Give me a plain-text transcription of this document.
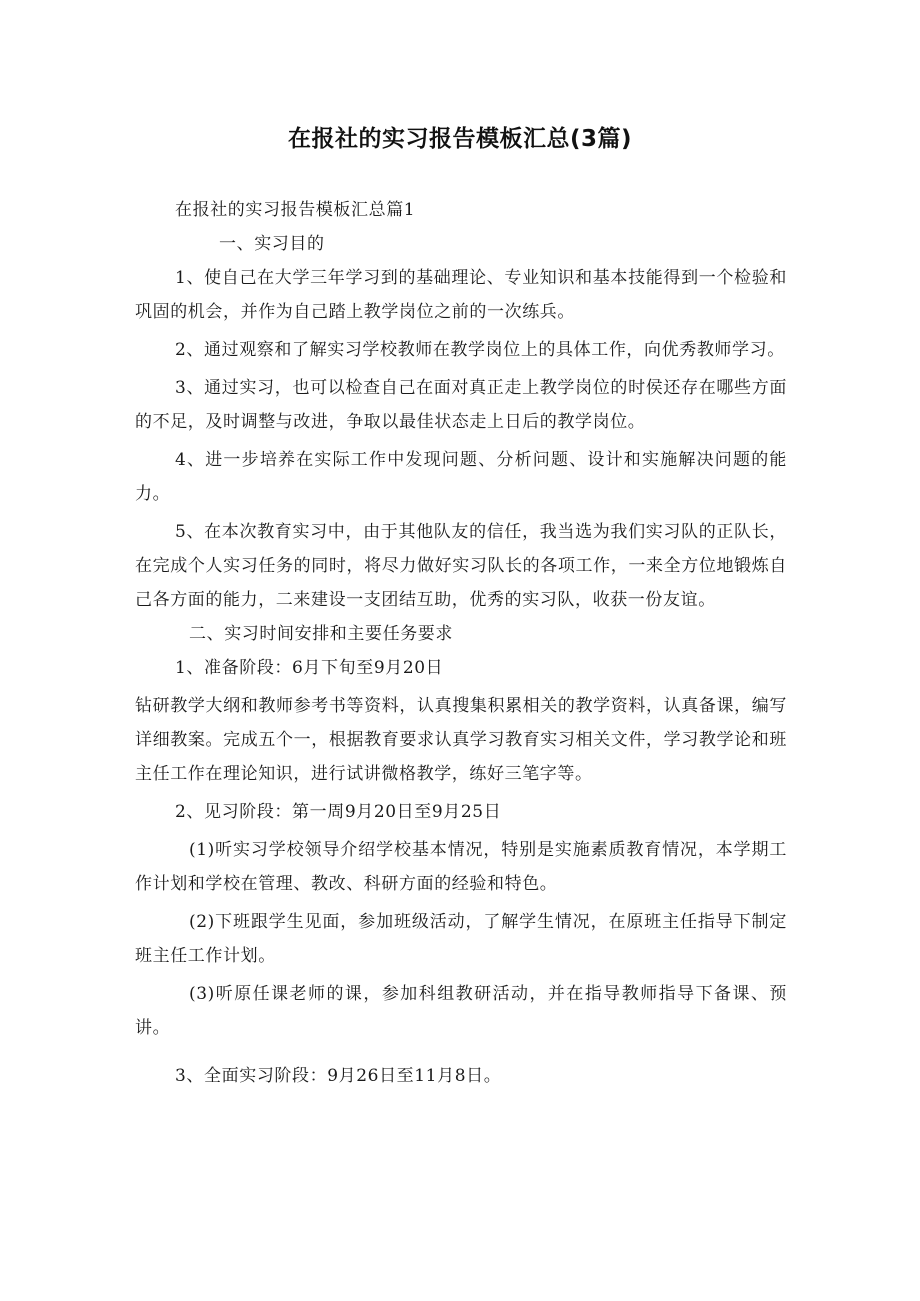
在报社的实习报告模板汇总(3篇)

在报社的实习报告模板汇总篇1

一、实习目的

1、使自己在大学三年学习到的基础理论、专业知识和基本技能得到一个检验和巩固的机会，并作为自己踏上教学岗位之前的一次练兵。

2、通过观察和了解实习学校教师在教学岗位上的具体工作，向优秀教师学习。

3、通过实习，也可以检查自己在面对真正走上教学岗位的时侯还存在哪些方面的不足，及时调整与改进，争取以最佳状态走上日后的教学岗位。

4、进一步培养在实际工作中发现问题、分析问题、设计和实施解决问题的能力。

5、在本次教育实习中，由于其他队友的信任，我当选为我们实习队的正队长，在完成个人实习任务的同时，将尽力做好实习队长的各项工作，一来全方位地锻炼自己各方面的能力，二来建设一支团结互助，优秀的实习队，收获一份友谊。

二、实习时间安排和主要任务要求

1、准备阶段：6月下旬至9月20日

钻研教学大纲和教师参考书等资料，认真搜集积累相关的教学资料，认真备课，编写详细教案。完成五个一，根据教育要求认真学习教育实习相关文件，学习教学论和班主任工作在理论知识，进行试讲微格教学，练好三笔字等。

2、见习阶段：第一周9月20日至9月25日

(1)听实习学校领导介绍学校基本情况，特别是实施素质教育情况，本学期工作计划和学校在管理、教改、科研方面的经验和特色。

(2)下班跟学生见面，参加班级活动，了解学生情况，在原班主任指导下制定班主任工作计划。

(3)听原任课老师的课，参加科组教研活动，并在指导教师指导下备课、预讲。

3、全面实习阶段：9月26日至11月8日。
